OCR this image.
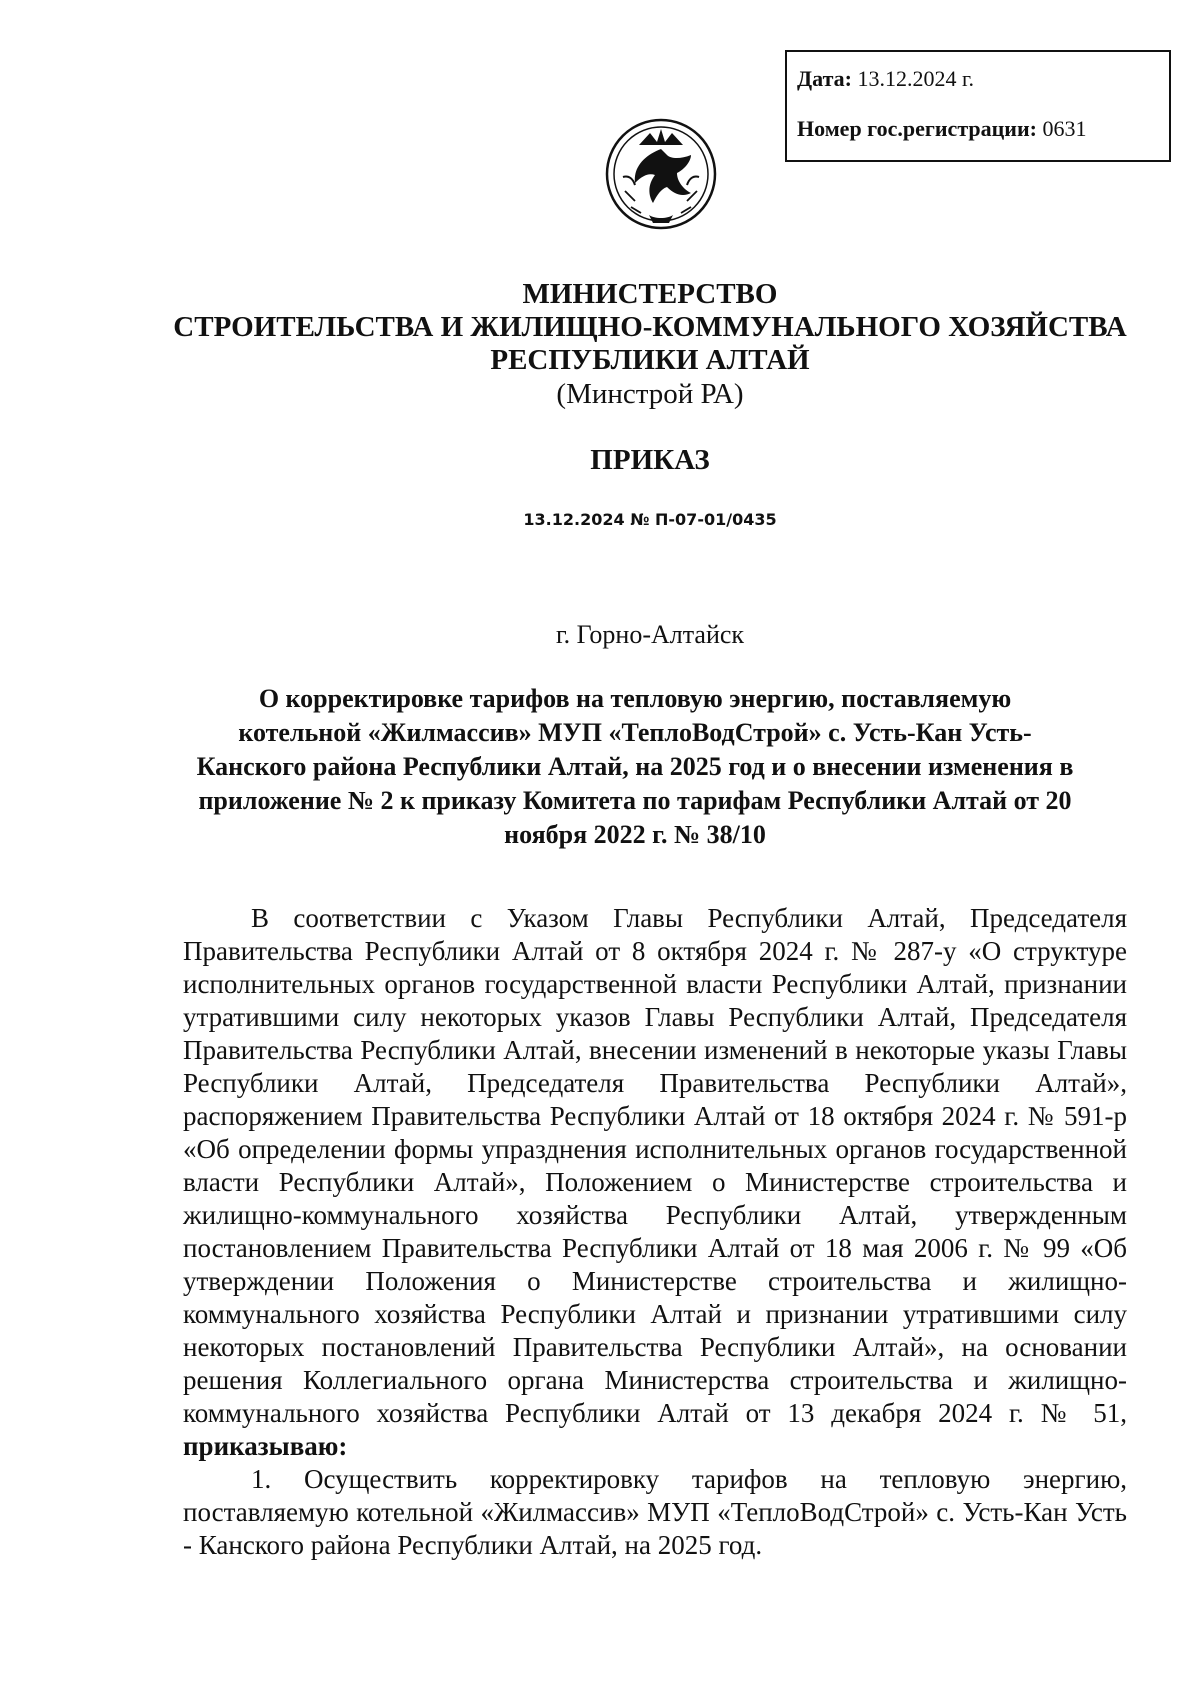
Дата: 13.12.2024 г.
Номер гос.регистрации: 0631
МИНИСТЕРСТВО
СТРОИТЕЛЬСТВА И ЖИЛИЩНО-КОММУНАЛЬНОГО ХОЗЯЙСТВА
РЕСПУБЛИКИ АЛТАЙ
(Минстрой РА)
ПРИКАЗ
13.12.2024 № П-07-01/0435
г. Горно-Алтайск
О корректировке тарифов на тепловую энергию, поставляемую котельной «Жилмассив» МУП «ТеплоВодСтрой» с. Усть-Кан Усть-Канского района Республики Алтай, на 2025 год и о внесении изменения в приложение № 2 к приказу Комитета по тарифам Республики Алтай от 20 ноября 2022 г. № 38/10
В соответствии с Указом Главы Республики Алтай, Председателя Правительства Республики Алтай от 8 октября 2024 г. № 287-у «О структуре исполнительных органов государственной власти Республики Алтай, признании утратившими силу некоторых указов Главы Республики Алтай, Председателя Правительства Республики Алтай, внесении изменений в некоторые указы Главы Республики Алтай, Председателя Правительства Республики Алтай», распоряжением Правительства Республики Алтай от 18 октября 2024 г. № 591-р «Об определении формы упразднения исполнительных органов государственной власти Республики Алтай», Положением о Министерстве строительства и жилищно-коммунального хозяйства Республики Алтай, утвержденным постановлением Правительства Республики Алтай от 18 мая 2006 г. № 99 «Об утверждении Положения о Министерстве строительства и жилищно-коммунального хозяйства Республики Алтай и признании утратившими силу некоторых постановлений Правительства Республики Алтай», на основании решения Коллегиального органа Министерства строительства и жилищно-коммунального хозяйства Республики Алтай от 13 декабря 2024 г. № 51, приказываю:
1. Осуществить корректировку тарифов на тепловую энергию, поставляемую котельной «Жилмассив» МУП «ТеплоВодСтрой» с. Усть-Кан Усть - Канского района Республики Алтай, на 2025 год.
